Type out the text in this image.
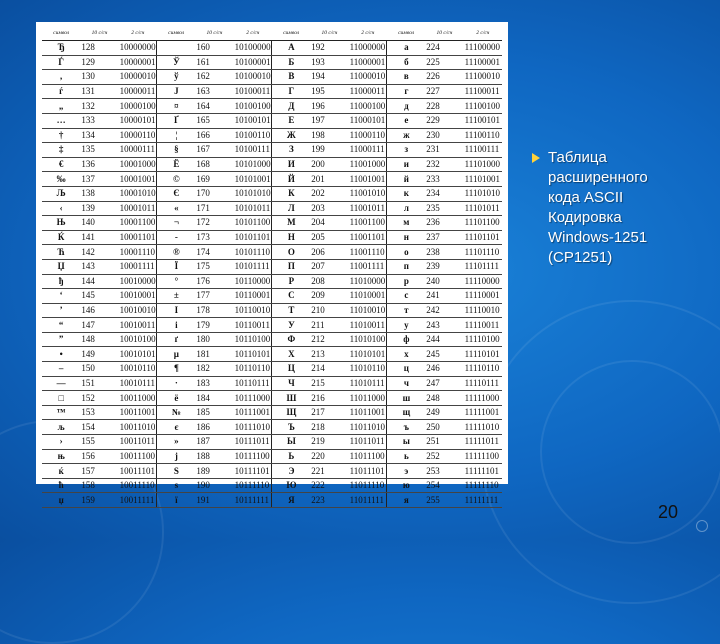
символ	10 с/сч	2 с/сч	символ	10 с/сч	2 с/сч	символ	10 с/сч	2 с/сч	символ	10 с/сч	2 с/сч
Ђ	128	10000000		160	10100000	А	192	11000000	а	224	11100000
Ѓ	129	10000001	Ў	161	10100001	Б	193	11000001	б	225	11100001
,	130	10000010	ў	162	10100010	В	194	11000010	в	226	11100010
ѓ	131	10000011	Ј	163	10100011	Г	195	11000011	г	227	11100011
„	132	10000100	¤	164	10100100	Д	196	11000100	д	228	11100100
…	133	10000101	Ґ	165	10100101	Е	197	11000101	е	229	11100101
†	134	10000110	¦	166	10100110	Ж	198	11000110	ж	230	11100110
‡	135	10000111	§	167	10100111	З	199	11000111	з	231	11100111
€	136	10001000	Ё	168	10101000	И	200	11001000	и	232	11101000
‰	137	10001001	©	169	10101001	Й	201	11001001	й	233	11101001
Љ	138	10001010	Є	170	10101010	К	202	11001010	к	234	11101010
‹	139	10001011	«	171	10101011	Л	203	11001011	л	235	11101011
Њ	140	10001100	¬	172	10101100	М	204	11001100	м	236	11101100
Ќ	141	10001101	-	173	10101101	Н	205	11001101	н	237	11101101
Ћ	142	10001110	®	174	10101110	О	206	11001110	о	238	11101110
Џ	143	10001111	Ї	175	10101111	П	207	11001111	п	239	11101111
ђ	144	10010000	°	176	10110000	Р	208	11010000	р	240	11110000
‘	145	10010001	±	177	10110001	С	209	11010001	с	241	11110001
’	146	10010010	І	178	10110010	Т	210	11010010	т	242	11110010
“	147	10010011	і	179	10110011	У	211	11010011	у	243	11110011
”	148	10010100	ґ	180	10110100	Ф	212	11010100	ф	244	11110100
•	149	10010101	µ	181	10110101	Х	213	11010101	х	245	11110101
–	150	10010110	¶	182	10110110	Ц	214	11010110	ц	246	11110110
—	151	10010111	·	183	10110111	Ч	215	11010111	ч	247	11110111
□	152	10011000	ё	184	10111000	Ш	216	11011000	ш	248	11111000
™	153	10011001	№	185	10111001	Щ	217	11011001	щ	249	11111001
љ	154	10011010	є	186	10111010	Ъ	218	11011010	ъ	250	11111010
›	155	10011011	»	187	10111011	Ы	219	11011011	ы	251	11111011
њ	156	10011100	ј	188	10111100	Ь	220	11011100	ь	252	11111100
ќ	157	10011101	Ѕ	189	10111101	Э	221	11011101	э	253	11111101
ћ	158	10011110	ѕ	190	10111110	Ю	222	11011110	ю	254	11111110
џ	159	10011111	ї	191	10111111	Я	223	11011111	я	255	11111111
Таблица
расширенного
кода ASCII
Кодировка
Windows-1251
(CP1251)
20
